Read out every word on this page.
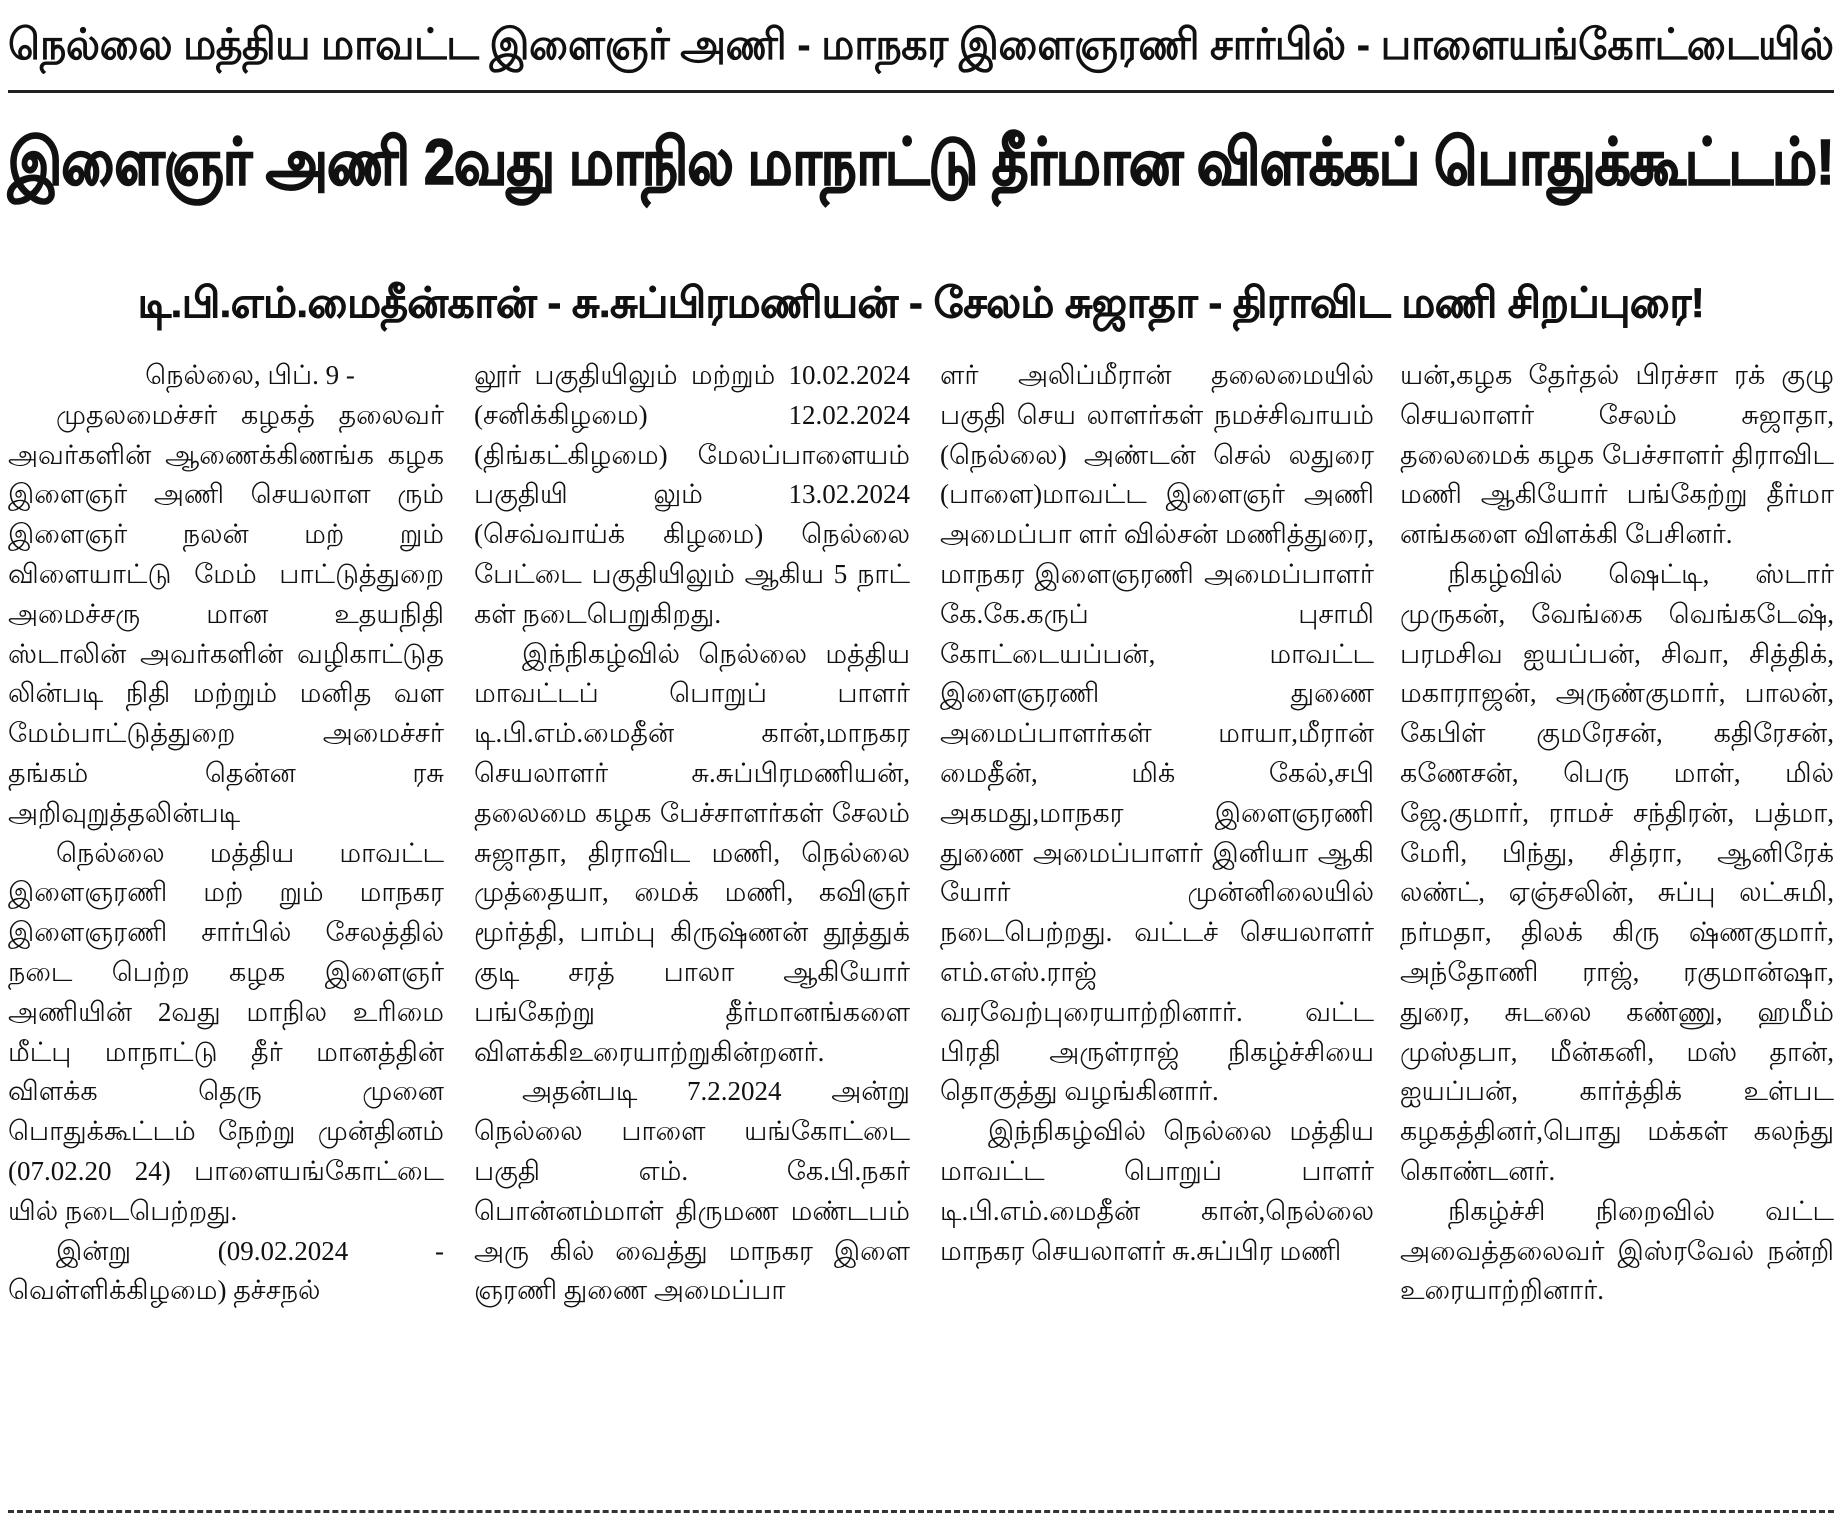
நெல்லை மத்திய மாவட்ட இளைஞர் அணி - மாநகர இளைஞரணி சார்பில் - பாளையங்கோட்டையில்
இளைஞர் அணி 2வது மாநில மாநாட்டு தீர்மான விளக்கப் பொதுக்கூட்டம்!
டி.பி.எம்.மைதீன்கான் - சு.சுப்பிரமணியன் - சேலம் சுஜாதா - திராவிட மணி சிறப்புரை!

நெல்லை, பிப். 9 -

முதலமைச்சர் கழகத் தலைவர் அவர்களின் ஆணைக்கிணங்க கழக இளைஞர் அணி செயலாள ரும் இளைஞர் நலன் மற் றும் விளையாட்டு மேம் பாட்டுத்துறை அமைச்சரு மான உதயநிதி ஸ்டாலின் அவர்களின் வழிகாட்டுத லின்படி நிதி மற்றும் மனித வள மேம்பாட்டுத்துறை அமைச்சர் தங்கம் தென்ன ரசு அறிவுறுத்தலின்படி

நெல்லை மத்திய மாவட்ட இளைஞரணி மற் றும் மாநகர இளைஞரணி சார்பில் சேலத்தில் நடை பெற்ற கழக இளைஞர் அணியின் 2வது மாநில உரிமை மீட்பு மாநாட்டு தீர் மானத்தின் விளக்க தெரு முனை பொதுக்கூட்டம் நேற்று முன்தினம் (07.02.20 24) பாளையங்கோட்டை யில் நடைபெற்றது.

இன்று (09.02.2024 - வெள்ளிக்கிழமை) தச்சநல்

லூர் பகுதியிலும் மற்றும் 10.02.2024 (சனிக்கிழமை) 12.02.2024 (திங்கட்கிழமை) மேலப்பாளையம் பகுதியி லும் 13.02.2024 (செவ்வாய்க் கிழமை) நெல்லை பேட்டை பகுதியிலும் ஆகிய 5 நாட் கள் நடைபெறுகிறது.

இந்நிகழ்வில் நெல்லை மத்திய மாவட்டப் பொறுப் பாளர் டி.பி.எம்.மைதீன் கான்,மாநகர செயலாளர் சு.சுப்பிரமணியன், தலைமை கழக பேச்சாளர்கள் சேலம் சுஜாதா, திராவிட மணி, நெல்லை முத்தையா, மைக் மணி, கவிஞர் மூர்த்தி, பாம்பு கிருஷ்ணன் தூத்துக் குடி சரத் பாலா ஆகியோர் பங்கேற்று தீர்மானங்களை விளக்கிஉரையாற்றுகின்றனர்.

அதன்படி 7.2.2024 அன்று நெல்லை பாளை யங்கோட்டை பகுதி எம். கே.பி.நகர் பொன்னம்மாள் திருமண மண்டபம் அரு கில் வைத்து மாநகர இளை ஞரணி துணை அமைப்பா

ளர் அலிப்மீரான் தலைமையில் பகுதி செய லாளர்கள் நமச்சிவாயம் (நெல்லை) அண்டன் செல் லதுரை (பாளை)மாவட்ட இளைஞர் அணி அமைப்பா ளர் வில்சன் மணித்துரை, மாநகர இளைஞரணி அமைப்பாளர் கே.கே.கருப் புசாமி கோட்டையப்பன், மாவட்ட இளைஞரணி துணை அமைப்பாளர்கள் மாயா,மீரான் மைதீன், மிக் கேல்,சபி அகமது,மாநகர இளைஞரணி துணை அமைப்பாளர் இனியா ஆகி யோர் முன்னிலையில் நடைபெற்றது. வட்டச் செயலாளர் எம்.எஸ்.ராஜ் வரவேற்புரையாற்றினார். வட்ட பிரதி அருள்ராஜ் நிகழ்ச்சியை தொகுத்து வழங்கினார்.

இந்நிகழ்வில் நெல்லை மத்திய மாவட்ட பொறுப் பாளர் டி.பி.எம்.மைதீன் கான்,நெல்லை மாநகர செயலாளர் சு.சுப்பிர மணி

யன்,கழக தேர்தல் பிரச்சா ரக் குழு செயலாளர் சேலம் சுஜாதா, தலைமைக் கழக பேச்சாளர் திராவிட மணி ஆகியோர் பங்கேற்று தீர்மா னங்களை விளக்கி பேசினர்.

நிகழ்வில் ஷெட்டி, ஸ்டார் முருகன், வேங்கை வெங்கடேஷ், பரமசிவ ஐயப்பன், சிவா, சித்திக், மகாராஜன், அருண்குமார், பாலன், கேபிள் குமரேசன், கதிரேசன், கணேசன், பெரு மாள், மில் ஜே.குமார், ராமச் சந்திரன், பத்மா, மேரி, பிந்து, சித்ரா, ஆனிரேக் லண்ட், ஏஞ்சலின், சுப்பு லட்சுமி, நர்மதா, திலக் கிரு ஷ்ணகுமார், அந்தோணி ராஜ், ரகுமான்ஷா, துரை, சுடலை கண்ணு, ஹமீம் முஸ்தபா, மீன்கனி, மஸ் தான், ஐயப்பன், கார்த்திக் உள்பட கழகத்தினர்,பொது மக்கள் கலந்து கொண்டனர்.

நிகழ்ச்சி நிறைவில் வட்ட அவைத்தலைவர் இஸ்ரவேல் நன்றி உரையாற்றினார்.
